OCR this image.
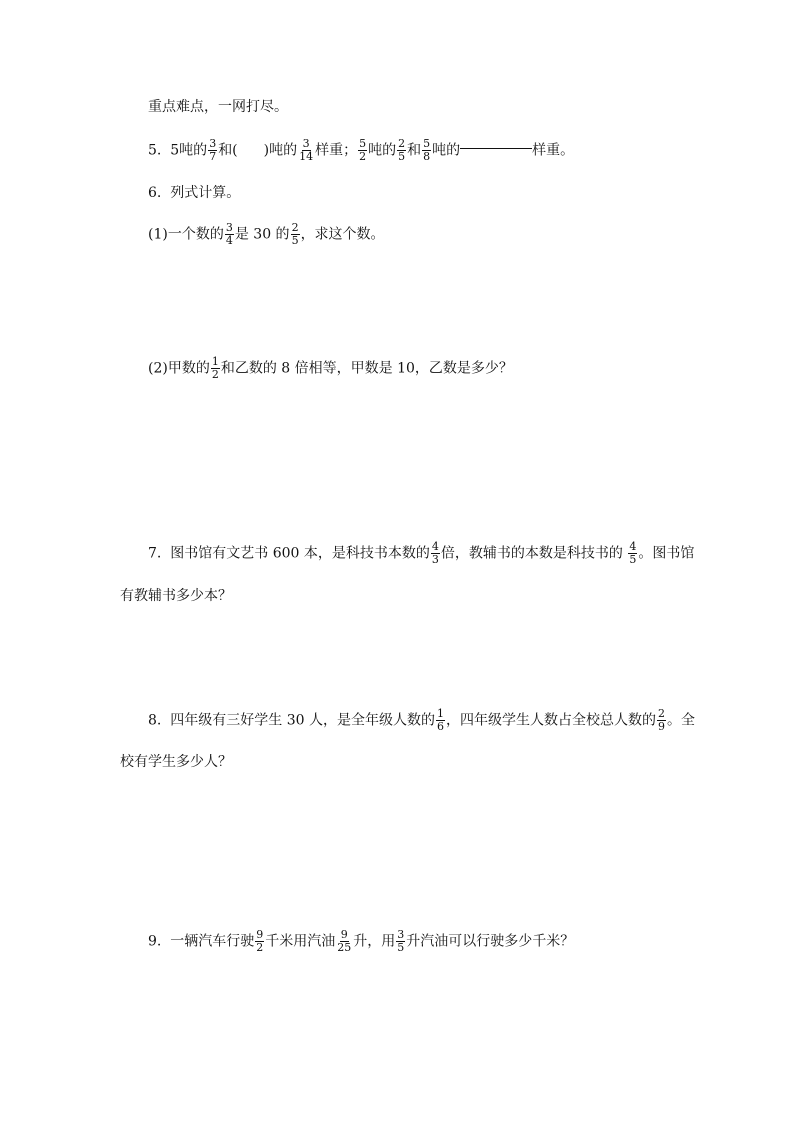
重点难点，一网打尽。
5. 5吨的 $\frac{3}{7}$ 和( )吨的 $\frac{3}{14}$ 样重； $\frac{5}{2}$ 吨的 $\frac{2}{5}$ 和 $\frac{5}{8}$ 吨的	样重。
6. 列式计算。
(1)一个数的 $\frac{3}{4}$ 是 30 的 $\frac{2}{5}$ ，求这个数。
(2)甲数的 $\frac{1}{2}$ 和乙数的 8 倍相等，甲数是 10，乙数是多少？
7. 图书馆有文艺书 600 本，是科技书本数的 $\frac{4}{3}$ 倍，教辅书的本数是科技书的 $\frac{4}{5}$ 。图书馆
有教辅书多少本？
8. 四年级有三好学生 30 人，是全年级人数的 $\frac{1}{6}$ ，四年级学生人数占全校总人数的 $\frac{2}{9}$ 。全
校有学生多少人？
9. 一辆汽车行驶 $\frac{9}{2}$ 千米用汽油 $\frac{9}{25}$ 升，用 $\frac{3}{5}$ 升汽油可以行驶多少千米？
